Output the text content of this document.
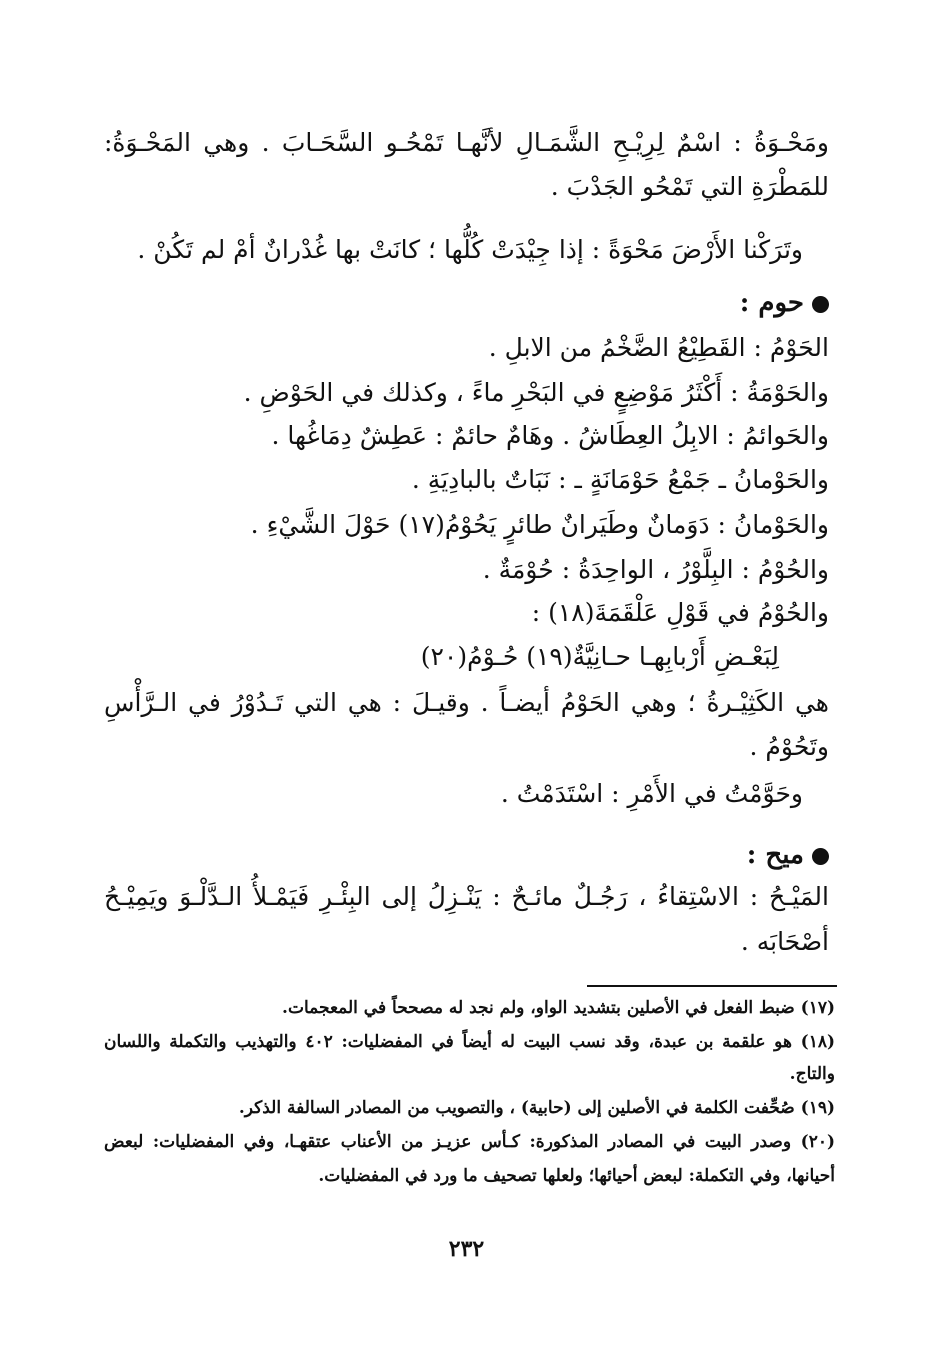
ومَحْـوَةُ : اسْمٌ لِرِيْـحِ الشَّمَـالِ لأنَّهـا تَمْحُـو السَّحَـابَ . وهي المَحْـوَةُ:
للمَطْرَةِ التي تَمْحُو الجَدْبَ .
وتَرَكْنا الأَرْضَ مَحْوَةً : إذا جِيْدَتْ كُلُّها ؛ كانَتْ بها غُدْرانٌ أمْ لم تَكُنْ .
حوم :
الحَوْمُ : القَطِيْعُ الضَّخْمُ من الابلِ .
والحَوْمَةُ : أَكْثَرُ مَوْضِعٍ في البَحْرِ ماءً ، وكذلك في الحَوْضِ .
والحَوائمُ : الابِلُ العِطَاشُ . وهَامٌ حائمٌ : عَطِشٌ دِمَاغُها .
والحَوْمانُ ـ جَمْعُ حَوْمَانَةٍ ـ : نَبَاتٌ بالبادِيَةِ .
والحَوْمانُ : دَوَمانٌ وطَيَرانٌ طائرٍ يَحُوْمُ(١٧) حَوْلَ الشَّيْءِ .
والحُوْمُ : البِلَّوْرُ ، الواحِدَةُ : حُوْمَةٌ .
والحُوْمُ في قَوْلِ عَلْقَمَةَ(١٨) :
لِبَعْـضِ أَرْبابِهـا حـانِيَّةٌ(١٩) حُـوْمُ(٢٠)
هي الكَثِيْـرةُ ؛ وهي الحَوْمُ أيضـاً . وقيـلَ : هي التي تَـدُوْرُ في الـرَّأْسِ
وتَحُوْمُ .
وحَوَّمْتُ في الأَمْرِ : اسْتَدَمْتُ .
ميح :
المَيْـحُ : الاسْتِقاءُ ، رَجُـلٌ مائـحٌ : يَنْـزِلُ إلى البِئْـرِ فَيَمْـلأُ الـدَّلْـوَ ويَمِيْـحُ
أصْحَابَه .
(١٧) ضبط الفعل في الأصلين بتشديد الواو، ولم نجد له مصححاً في المعجمات.
(١٨) هو علقمة بن عبدة، وقد نسب البيت له أيضاً في المفضليات: ٤٠٢ والتهذيب والتكملة واللسان
والتاج.
(١٩) صُحِّفت الكلمة في الأصلين إلى (حابية) ، والتصويب من المصادر السالفة الذكر.
(٢٠) وصدر البيت في المصادر المذكورة: كـأس عزيـز من الأعناب عتقهـا، وفي المفضليات: لبعض
أحيانها، وفي التكملة: لبعض أحيائها؛ ولعلها تصحيف ما ورد في المفضليات.
٢٣٢
